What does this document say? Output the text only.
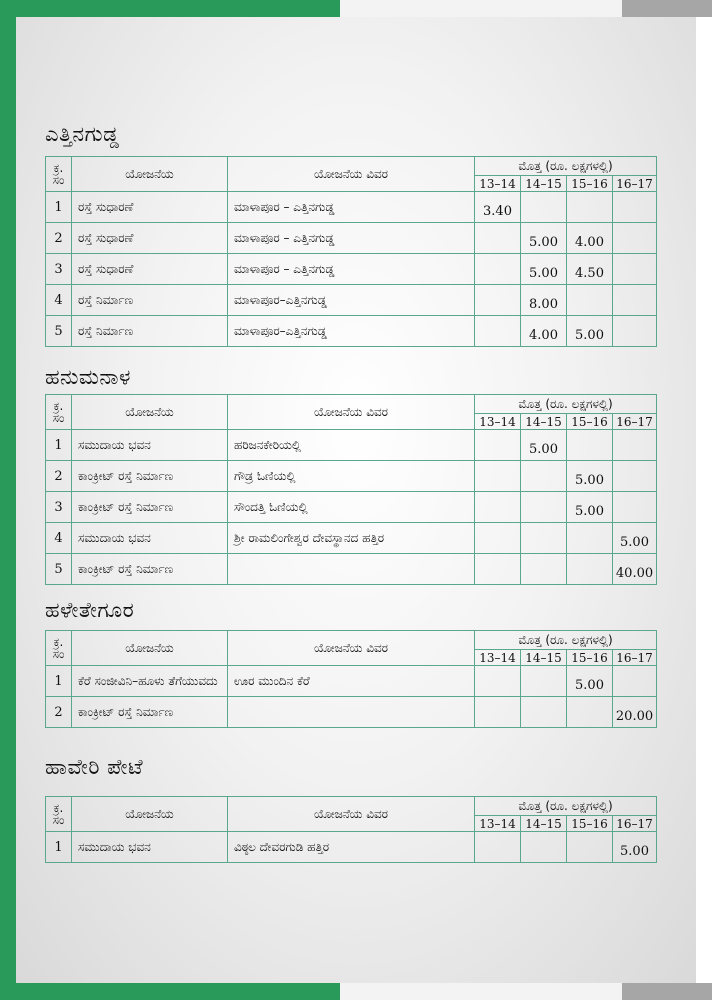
ಎತ್ತಿನಗುಡ್ಡ
ಕ್ರ. ಸಂ	ಯೋಜನೆಯ	ಯೋಜನೆಯ ವಿವರ	ಮೊತ್ತ (ರೂ. ಲಕ್ಷಗಳಲ್ಲಿ)			
			13–14	14–15	15–16	16–17
1	ರಸ್ತೆ ಸುಧಾರಣೆ	ಮಾಳಾಪೂರ – ಎತ್ತಿನಗುಡ್ಡ	3.40			
2	ರಸ್ತೆ ಸುಧಾರಣೆ	ಮಾಳಾಪೂರ – ಎತ್ತಿನಗುಡ್ಡ		5.00	4.00	
3	ರಸ್ತೆ ಸುಧಾರಣೆ	ಮಾಳಾಪೂರ – ಎತ್ತಿನಗುಡ್ಡ		5.00	4.50	
4	ರಸ್ತೆ ನಿರ್ಮಾಣ	ಮಾಳಾಪೂರ–ಎತ್ತಿನಗುಡ್ಡ		8.00		
5	ರಸ್ತೆ ನಿರ್ಮಾಣ	ಮಾಳಾಪೂರ–ಎತ್ತಿನಗುಡ್ಡ		4.00	5.00	
ಹನುಮನಾಳ
ಕ್ರ. ಸಂ	ಯೋಜನೆಯ	ಯೋಜನೆಯ ವಿವರ	ಮೊತ್ತ (ರೂ. ಲಕ್ಷಗಳಲ್ಲಿ)			
			13–14	14–15	15–16	16–17
1	ಸಮುದಾಯ ಭವನ	ಹರಿಜನಕೇರಿಯಲ್ಲಿ		5.00		
2	ಕಾಂಕ್ರೀಟ್ ರಸ್ತೆ ನಿರ್ಮಾಣ	ಗೌಡ್ರ ಓಣಿಯಲ್ಲಿ			5.00	
3	ಕಾಂಕ್ರೀಟ್ ರಸ್ತೆ ನಿರ್ಮಾಣ	ಸೌಂದತ್ತಿ ಓಣಿಯಲ್ಲಿ			5.00	
4	ಸಮುದಾಯ ಭವನ	ಶ್ರೀ ರಾಮಲಿಂಗೇಶ್ವರ ದೇವಸ್ಥಾನದ ಹತ್ತಿರ				5.00
5	ಕಾಂಕ್ರೀಟ್ ರಸ್ತೆ ನಿರ್ಮಾಣ					40.00
ಹಳೇತೇಗೂರ
ಕ್ರ. ಸಂ	ಯೋಜನೆಯ	ಯೋಜನೆಯ ವಿವರ	ಮೊತ್ತ (ರೂ. ಲಕ್ಷಗಳಲ್ಲಿ)			
			13–14	14–15	15–16	16–17
1	ಕೆರೆ ಸಂಜೀವಿನಿ–ಹೂಳು ತೆಗೆಯುವದು	ಊರ ಮುಂದಿನ ಕೆರೆ			5.00	
2	ಕಾಂಕ್ರೀಟ್ ರಸ್ತೆ ನಿರ್ಮಾಣ					20.00
ಹಾವೇರಿ ಪೇಟೆ
ಕ್ರ. ಸಂ	ಯೋಜನೆಯ	ಯೋಜನೆಯ ವಿವರ	ಮೊತ್ತ (ರೂ. ಲಕ್ಷಗಳಲ್ಲಿ)			
			13–14	14–15	15–16	16–17
1	ಸಮುದಾಯ ಭವನ	ವಿಠ್ಠಲ ದೇವರಗುಡಿ ಹತ್ತಿರ				5.00
